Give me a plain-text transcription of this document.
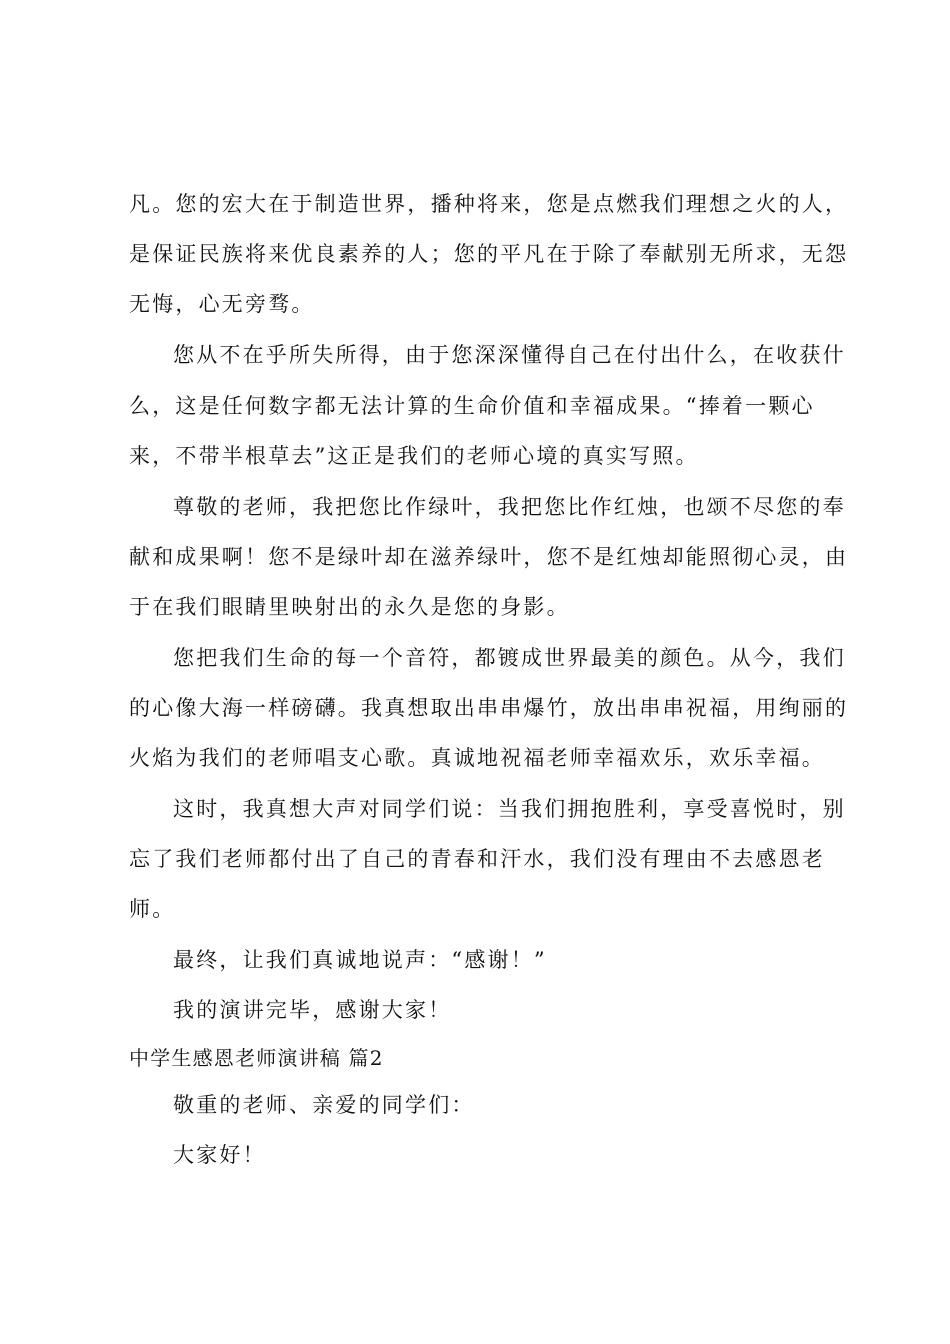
凡。您的宏大在于制造世界，播种将来，您是点燃我们理想之火的人，
是保证民族将来优良素养的人；您的平凡在于除了奉献别无所求，无怨
无悔，心无旁骛。
您从不在乎所失所得，由于您深深懂得自己在付出什么，在收获什
么，这是任何数字都无法计算的生命价值和幸福成果。“捧着一颗心
来，不带半根草去”这正是我们的老师心境的真实写照。
尊敬的老师，我把您比作绿叶，我把您比作红烛，也颂不尽您的奉
献和成果啊！您不是绿叶却在滋养绿叶，您不是红烛却能照彻心灵，由
于在我们眼睛里映射出的永久是您的身影。
您把我们生命的每一个音符，都镀成世界最美的颜色。从今，我们
的心像大海一样磅礴。我真想取出串串爆竹，放出串串祝福，用绚丽的
火焰为我们的老师唱支心歌。真诚地祝福老师幸福欢乐，欢乐幸福。
这时，我真想大声对同学们说：当我们拥抱胜利，享受喜悦时，别
忘了我们老师都付出了自己的青春和汗水，我们没有理由不去感恩老
师。
最终，让我们真诚地说声：“感谢！”
我的演讲完毕，感谢大家！
中学生感恩老师演讲稿 篇2
敬重的老师、亲爱的同学们：
大家好！
